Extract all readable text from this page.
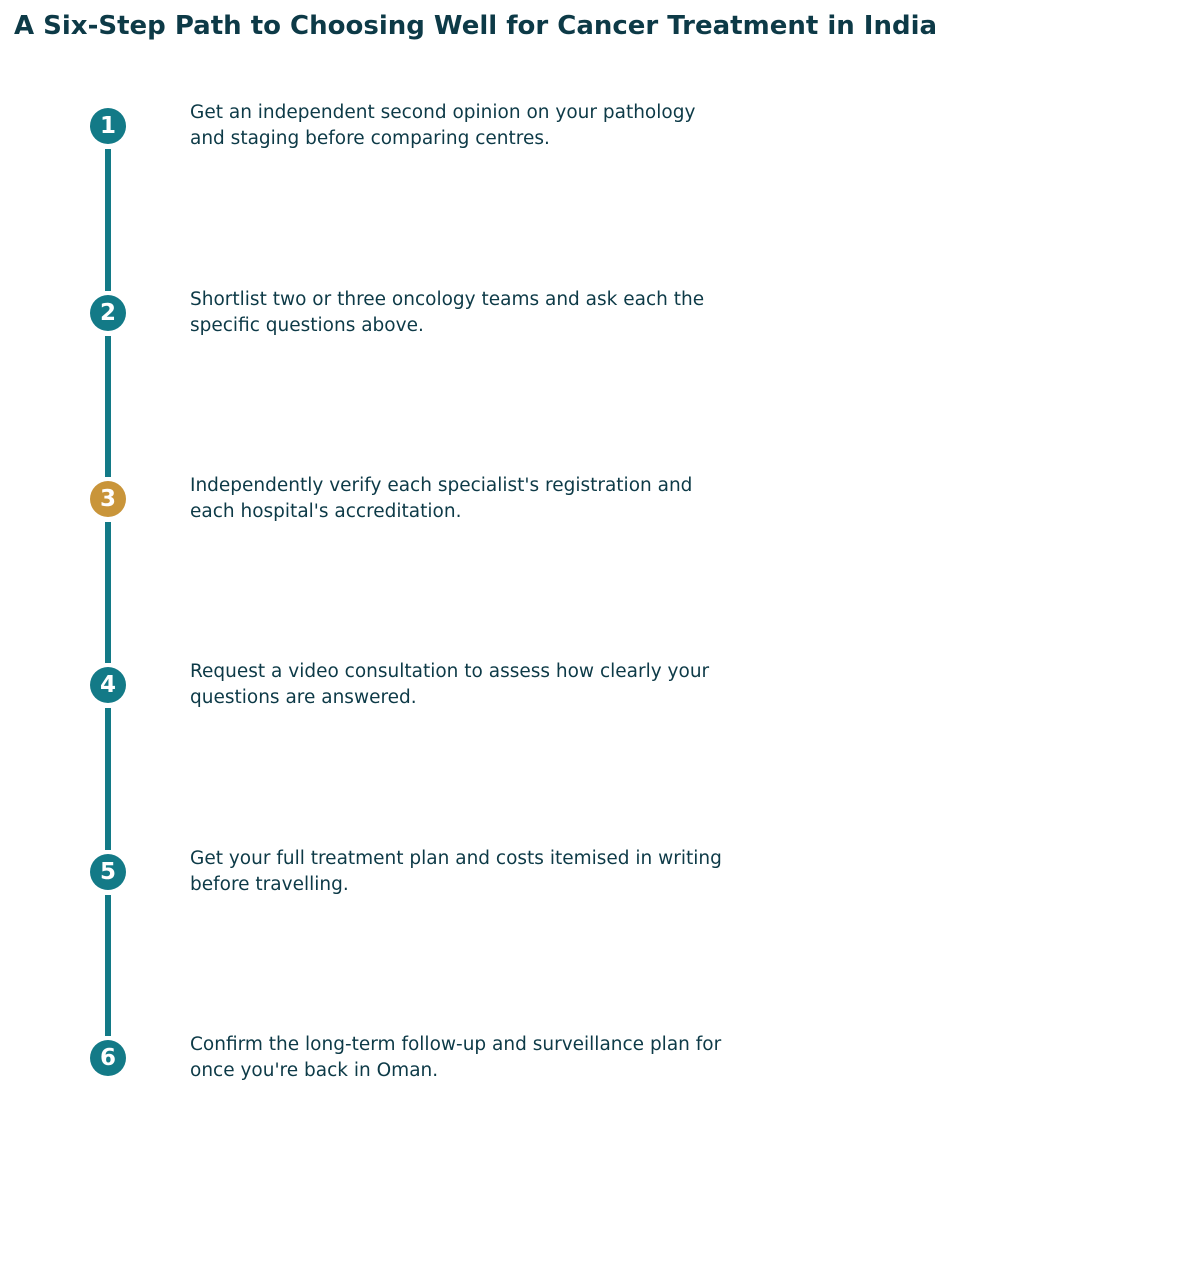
A Six-Step Path to Choosing Well for Cancer Treatment in India
1

Get an independent second opinion on your pathology and staging before comparing centres.

2

Shortlist two or three oncology teams and ask each the specific questions above.

3

Independently verify each specialist's registration and each hospital's accreditation.

4

Request a video consultation to assess how clearly your questions are answered.

5

Get your full treatment plan and costs itemised in writing before travelling.

6

Confirm the long-term follow-up and surveillance plan for once you're back in Oman.
